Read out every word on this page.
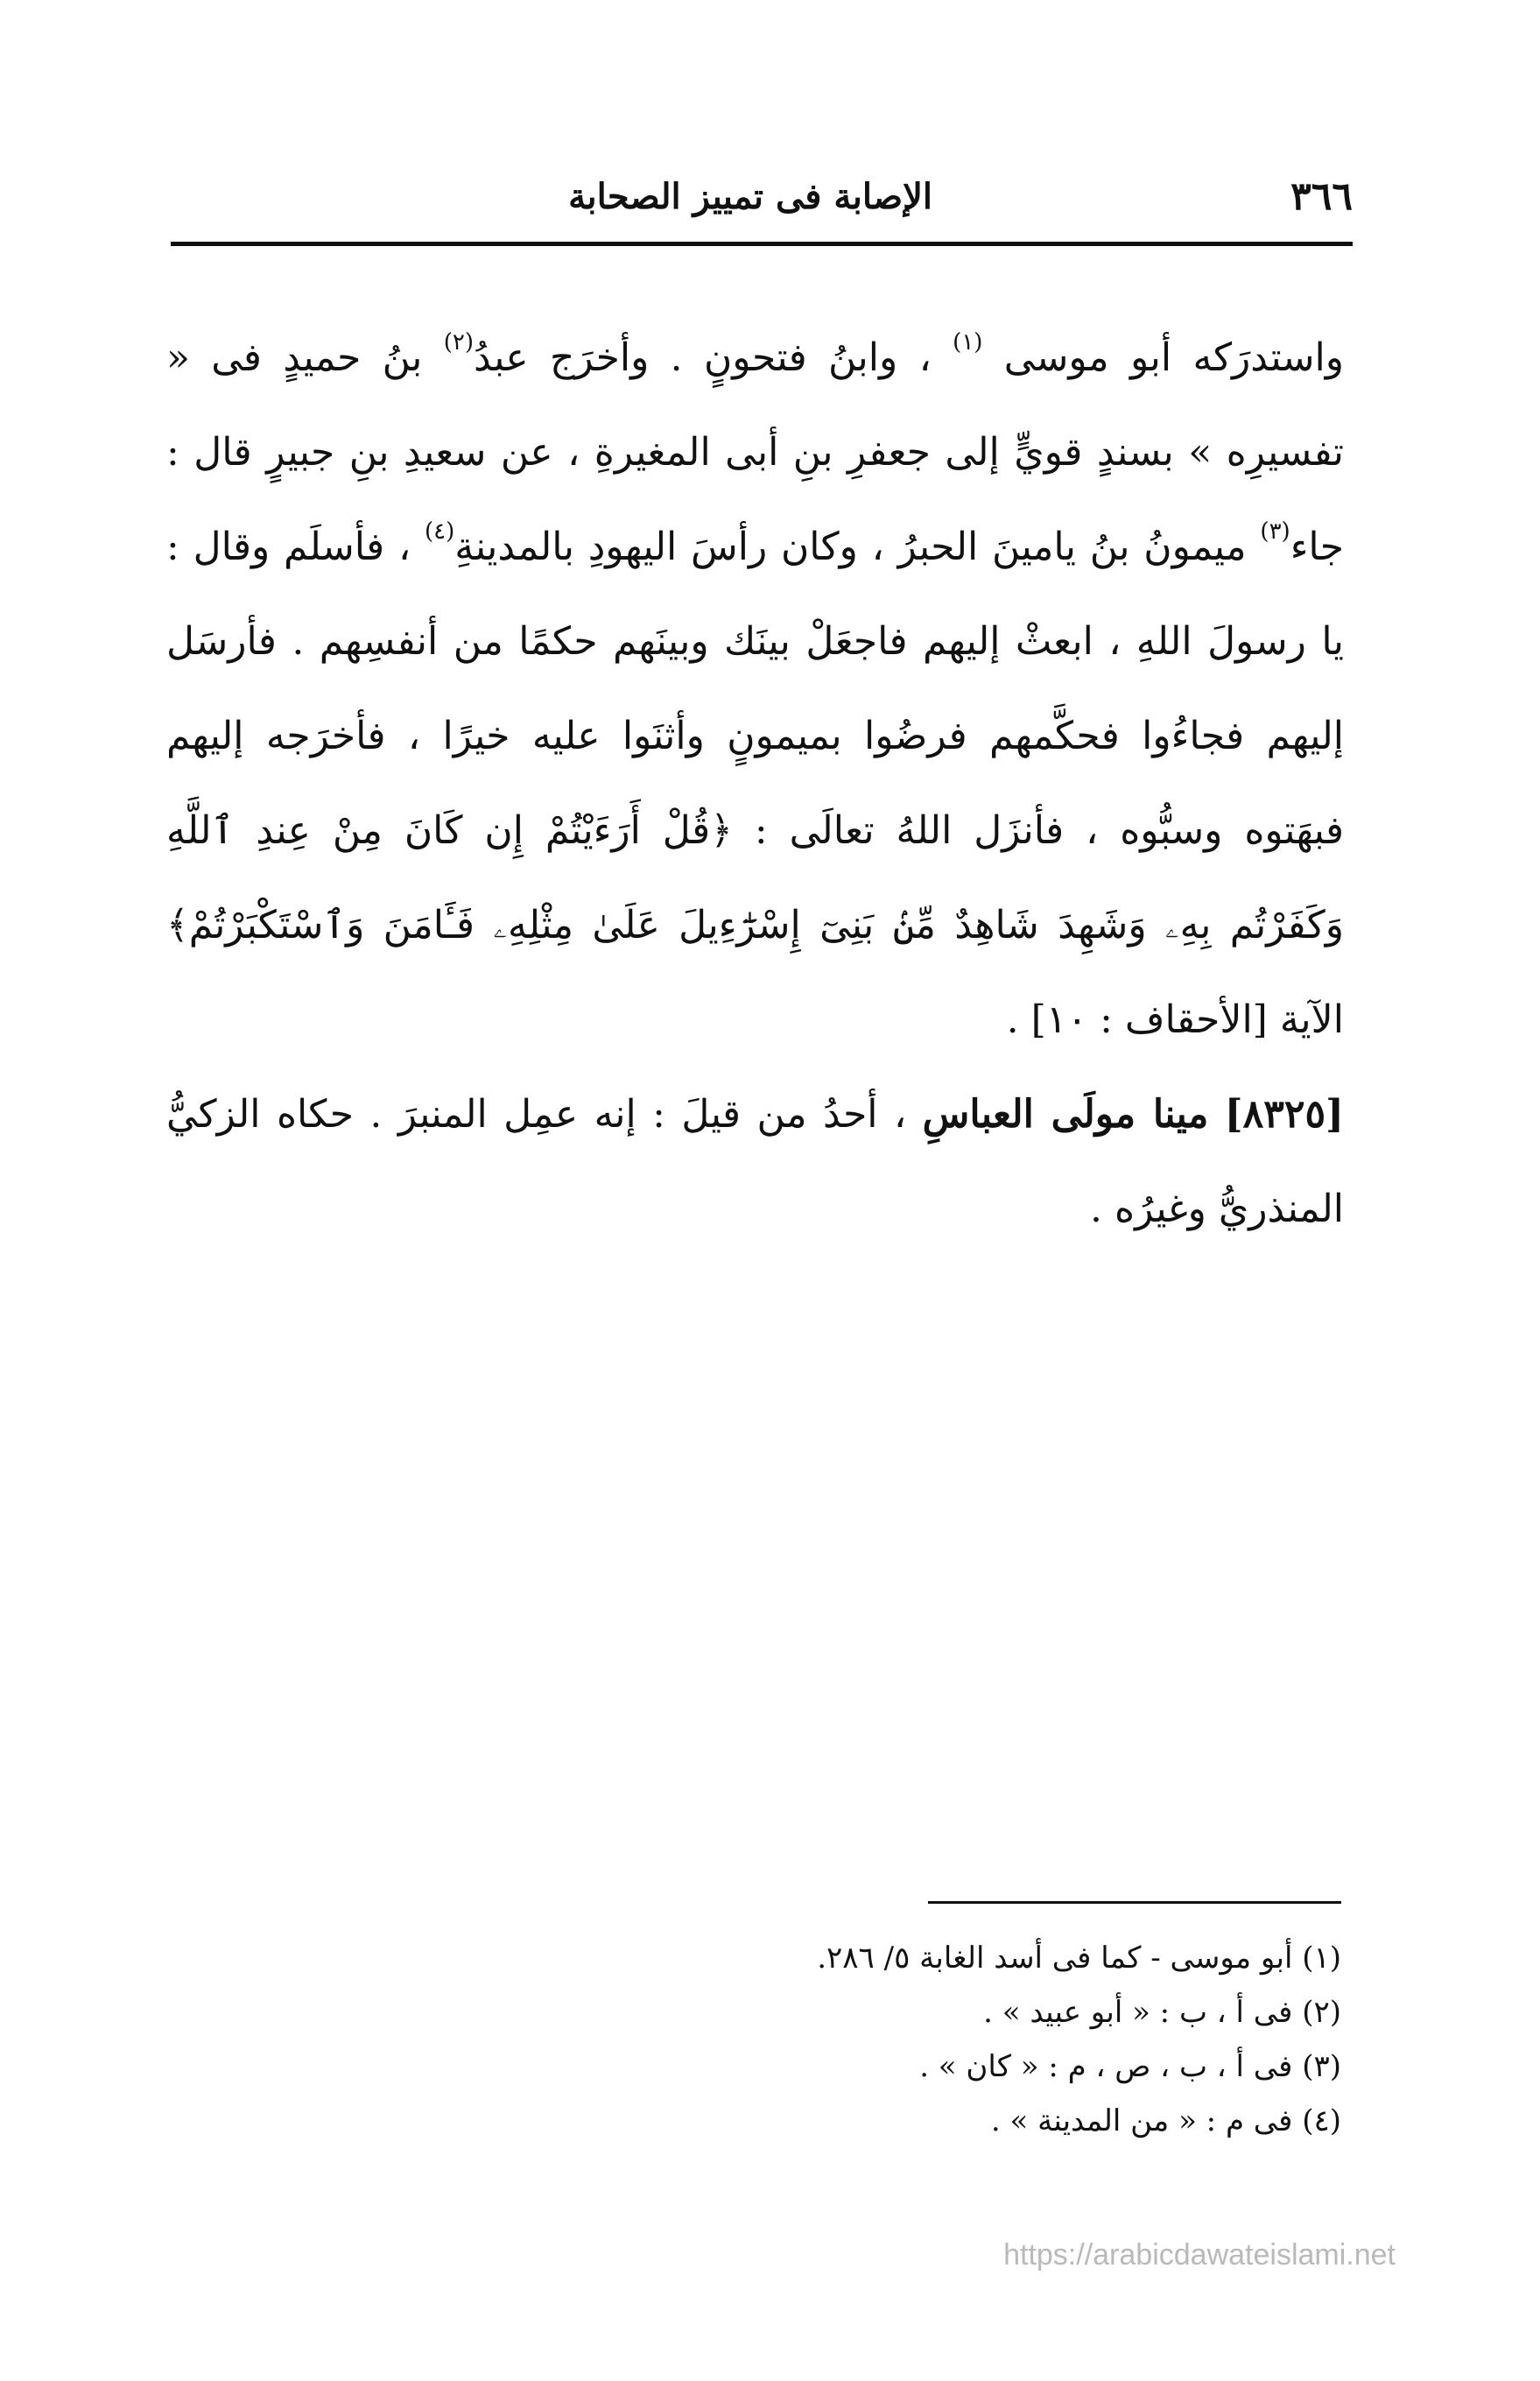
٣٦٦
الإصابة فى تمييز الصحابة

واستدرَكه أبو موسى $^{(١)}$ ، وابنُ فتحونٍ . وأخرَج عبدُ$^{(٢)}$ بنُ حميدٍ فى « تفسيرِه » بسندٍ قويٍّ إلى جعفرِ بنِ أبى المغيرةِ ، عن سعيدِ بنِ جبيرٍ قال : جاء$^{(٣)}$ ميمونُ بنُ يامينَ الحبرُ ، وكان رأسَ اليهودِ بالمدينةِ$^{(٤)}$ ، فأسلَم وقال : يا رسولَ اللهِ ، ابعثْ إليهم فاجعَلْ بينَك وبينَهم حكمًا من أنفسِهم . فأرسَل إليهم فجاءُوا فحكَّمهم فرضُوا بميمونٍ وأثنَوا عليه خيرًا ، فأخرَجه إليهم فبهَتوه وسبُّوه ، فأنزَل اللهُ تعالَى : ﴿قُلْ أَرَءَيْتُمْ إِن كَانَ مِنْ عِندِ ٱللَّهِ وَكَفَرْتُم بِهِۦ وَشَهِدَ شَاهِدٌ مِّنۢ بَنِىٓ إِسْرَٰٓءِيلَ عَلَىٰ مِثْلِهِۦ فَـَٔامَنَ وَٱسْتَكْبَرْتُمْ﴾ الآية [الأحقاف : ١٠] .

[٨٣٢٥] مينا مولَى العباسِ ، أحدُ من قيلَ : إنه عمِل المنبرَ . حكاه الزكيُّ المنذريُّ وغيرُه .

(١) أبو موسى - كما فى أسد الغابة ٥/ ٢٨٦.

(٢) فى أ ، ب : « أبو عبيد » .

(٣) فى أ ، ب ، ص ، م : « كان » .

(٤) فى م : « من المدينة » .

https://arabicdawateislami.net
